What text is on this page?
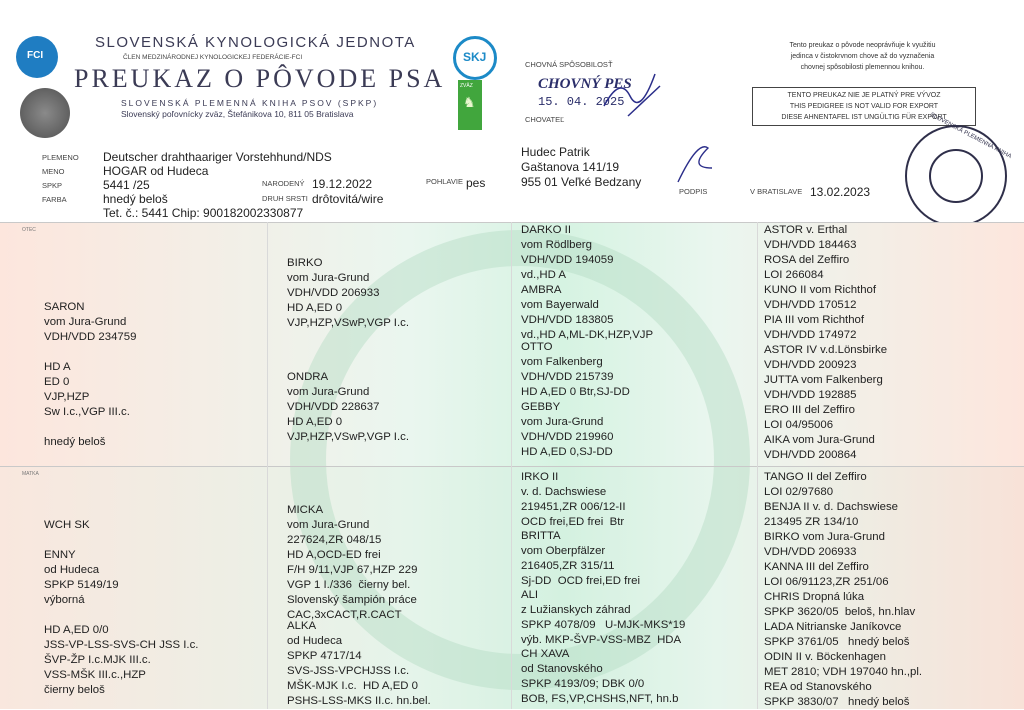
FCI
SLOVENSKÁ KYNOLOGICKÁ JEDNOTA
ČLEN MEDZINÁRODNEJ KYNOLOGICKEJ FEDERÁCIE-FCI
PREUKAZ O PÔVODE PSA
SLOVENSKÁ PLEMENNÁ KNIHA PSOV (SPKP)
Slovenský poľovnícky zväz, Štefánikova 10, 811 05 Bratislava
SKJ
ZVÄZ
♞
CHOVNÁ SPÔSOBILOSŤ
CHOVNÝ PES
15. 04. 2025
CHOVATEĽ
Tento preukaz o pôvode neoprávňuje k využitiu
jedinca v čistokrvnom chove až do vyznačenia
chovnej spôsobilosti plemennou knihou.
TENTO PREUKAZ NIE JE PLATNÝ PRE VÝVOZ
THIS PEDIGREE IS NOT VALID FOR EXPORT
DIESE AHNENTAFEL IST UNGÜLTIG FÜR EXPORT
PLEMENO
MENO
SPKP
FARBA
Deutscher drahthaariger Vorstehhund/NDS
HOGAR od Hudeca
5441 /25
hnedý beloš
Tet. č.: 5441 Chip: 900182002330877
NARODENÝ 19.12.2022
DRUH SRSTI drôtovitá/wire
POHLAVIE pes
Hudec Patrik
Gaštanova 141/19
955 01 Veľké Bedzany
PODPIS	V BRATISLAVE 13.02.2023
SLOVENSKÁ PLEMENNÁ KNIHA
OTEC
MATKA
SARON
vom Jura-Grund
VDH/VDD 234759

HD A
ED 0
VJP,HZP
Sw I.c.,VGP III.c.

hnedý beloš
BIRKO
vom Jura-Grund
VDH/VDD 206933
HD A,ED 0
VJP,HZP,VSwP,VGP I.c.
ONDRA
vom Jura-Grund
VDH/VDD 228637
HD A,ED 0
VJP,HZP,VSwP,VGP I.c.
DARKO II
vom Rödlberg
VDH/VDD 194059
vd.,HD A
AMBRA
vom Bayerwald
VDH/VDD 183805
vd.,HD A,ML-DK,HZP,VJP
OTTO
vom Falkenberg
VDH/VDD 215739
HD A,ED 0 Btr,SJ-DD
GEBBY
vom Jura-Grund
VDH/VDD 219960
HD A,ED 0,SJ-DD
ASTOR v. Erthal
VDH/VDD 184463
ROSA del Zeffiro
LOI 266084
KUNO II vom Richthof
VDH/VDD 170512
PIA III vom Richthof
VDH/VDD 174972
ASTOR IV v.d.Lönsbirke
VDH/VDD 200923
JUTTA vom Falkenberg
VDH/VDD 192885
ERO III del Zeffiro
LOI 04/95006
AIKA vom Jura-Grund
VDH/VDD 200864
WCH SK

ENNY
od Hudeca
SPKP 5149/19
výborná

HD A,ED 0/0
JSS-VP-LSS-SVS-CH JSS I.c.
ŠVP-ŽP I.c.MJK III.c.
VSS-MŠK III.c.,HZP
čierny beloš
MICKA
vom Jura-Grund
227624,ZR 048/15
HD A,OCD-ED frei
F/H 9/11,VJP 67,HZP 229
VGP 1 I./336  čierny bel.
Slovenský šampión práce
CAC,3xCACT,R.CACT
ALKA
od Hudeca
SPKP 4717/14
SVS-JSS-VPCHJSS I.c.
MŠK-MJK I.c.  HD A,ED 0
PSHS-LSS-MKS II.c. hn.bel.
IRKO II
v. d. Dachswiese
219451,ZR 006/12-II
OCD frei,ED frei  Btr
BRITTA
vom Oberpfälzer
216405,ZR 315/11
Sj-DD  OCD frei,ED frei
ALI
z Lužianskych záhrad
SPKP 4078/09   U-MJK-MKS*19
výb. MKP-ŠVP-VSS-MBZ  HDA
CH XAVA
od Stanovského
SPKP 4193/09; DBK 0/0
BOB, FS,VP,CHSHS,NFT, hn.b
TANGO II del Zeffiro
LOI 02/97680
BENJA II v. d. Dachswiese
213495 ZR 134/10
BIRKO vom Jura-Grund
VDH/VDD 206933
KANNA III del Zeffiro
LOI 06/91123,ZR 251/06
CHRIS Dropná lúka
SPKP 3620/05  beloš, hn.hlav
LADA Nitrianske Janíkovce
SPKP 3761/05   hnedý beloš
ODIN II v. Böckenhagen
MET 2810; VDH 197040 hn.,pl.
REA od Stanovského
SPKP 3830/07   hnedý beloš
